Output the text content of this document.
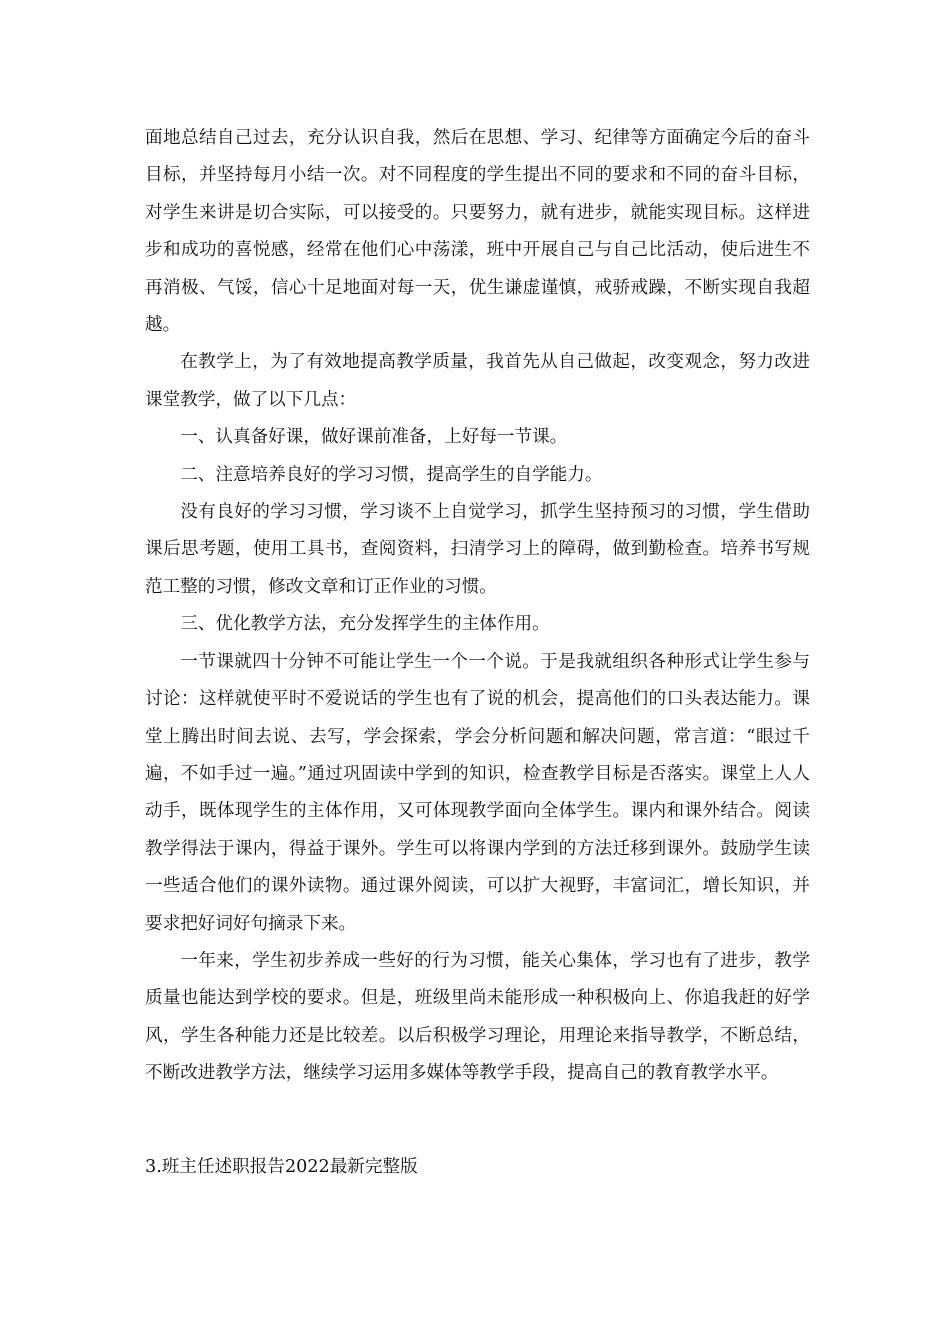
面地总结自己过去，充分认识自我，然后在思想、学习、纪律等方面确定今后的奋斗目标，并坚持每月小结一次。对不同程度的学生提出不同的要求和不同的奋斗目标，对学生来讲是切合实际，可以接受的。只要努力，就有进步，就能实现目标。这样进步和成功的喜悦感，经常在他们心中荡漾，班中开展自己与自己比活动，使后进生不再消极、气馁，信心十足地面对每一天，优生谦虚谨慎，戒骄戒躁，不断实现自我超越。

在教学上，为了有效地提高教学质量，我首先从自己做起，改变观念，努力改进课堂教学，做了以下几点：

一、认真备好课，做好课前准备，上好每一节课。

二、注意培养良好的学习习惯，提高学生的自学能力。

没有良好的学习习惯，学习谈不上自觉学习，抓学生坚持预习的习惯，学生借助课后思考题，使用工具书，查阅资料，扫清学习上的障碍，做到勤检查。培养书写规范工整的习惯，修改文章和订正作业的习惯。

三、优化教学方法，充分发挥学生的主体作用。

一节课就四十分钟不可能让学生一个一个说。于是我就组织各种形式让学生参与讨论：这样就使平时不爱说话的学生也有了说的机会，提高他们的口头表达能力。课堂上腾出时间去说、去写，学会探索，学会分析问题和解决问题，常言道：“眼过千遍，不如手过一遍。”通过巩固读中学到的知识，检查教学目标是否落实。课堂上人人动手，既体现学生的主体作用，又可体现教学面向全体学生。课内和课外结合。阅读教学得法于课内，得益于课外。学生可以将课内学到的方法迁移到课外。鼓励学生读一些适合他们的课外读物。通过课外阅读，可以扩大视野，丰富词汇，增长知识，并要求把好词好句摘录下来。

一年来，学生初步养成一些好的行为习惯，能关心集体，学习也有了进步，教学质量也能达到学校的要求。但是，班级里尚未能形成一种积极向上、你追我赶的好学风，学生各种能力还是比较差。以后积极学习理论，用理论来指导教学，不断总结，不断改进教学方法，继续学习运用多媒体等教学手段，提高自己的教育教学水平。

3.班主任述职报告2022最新完整版
